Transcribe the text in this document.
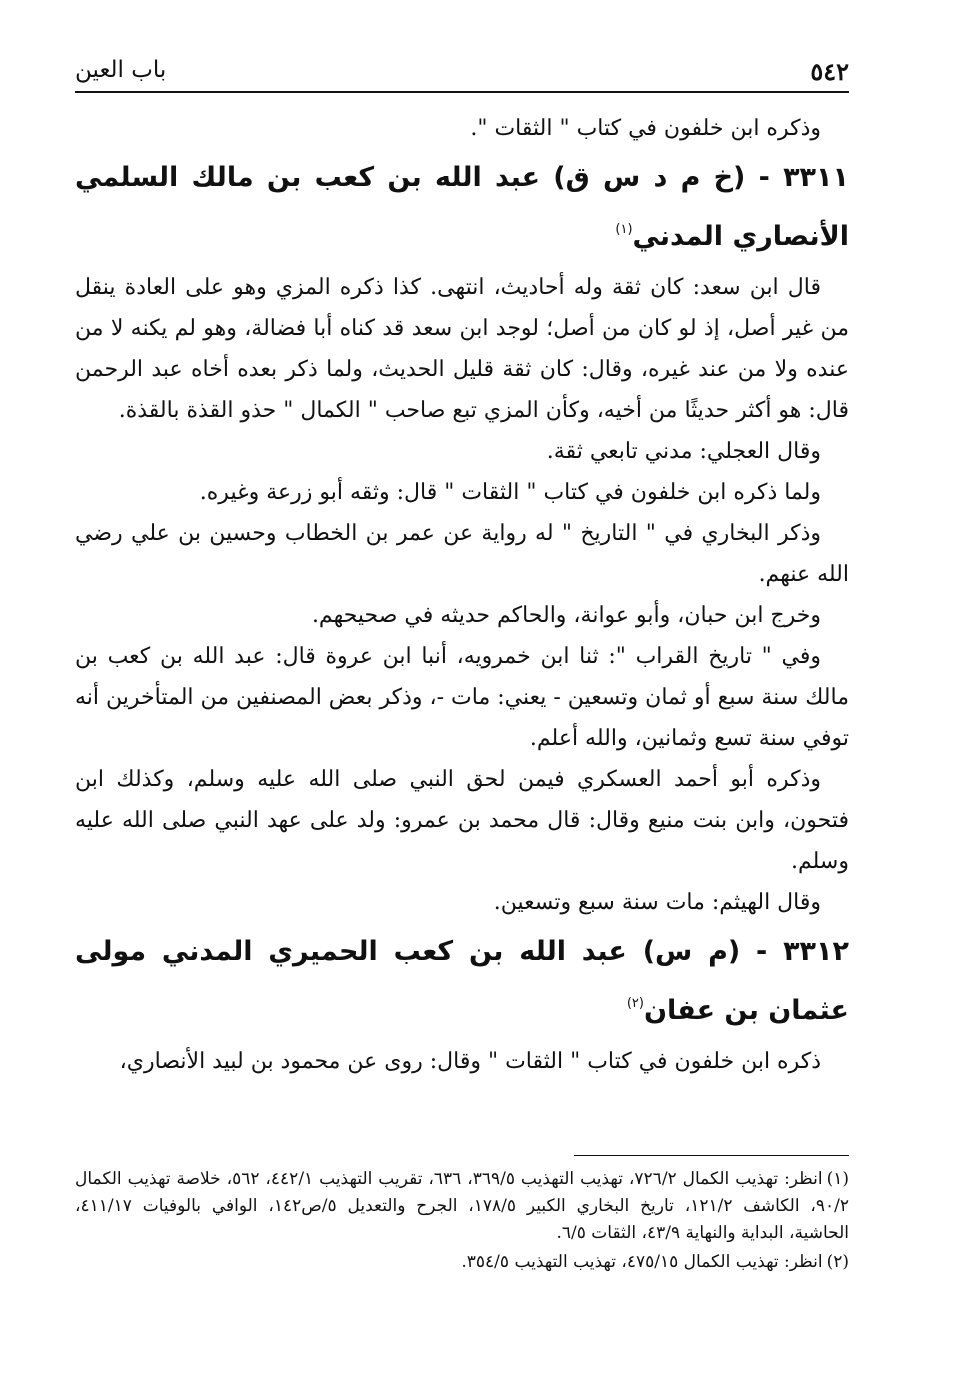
٥٤٢
باب العين

وذكره ابن خلفون في كتاب " الثقات ".

٣٣١١ - (خ م د س ق) عبد الله بن كعب بن مالك السلمي الأنصاري المدني$^{(١)}$

قال ابن سعد: كان ثقة وله أحاديث، انتهى. كذا ذكره المزي وهو على العادة ينقل من غير أصل، إذ لو كان من أصل؛ لوجد ابن سعد قد كناه أبا فضالة، وهو لم يكنه لا من عنده ولا من عند غيره، وقال: كان ثقة قليل الحديث، ولما ذكر بعده أخاه عبد الرحمن قال: هو أكثر حديثًا من أخيه، وكأن المزي تبع صاحب " الكمال " حذو القذة بالقذة.

وقال العجلي: مدني تابعي ثقة.

ولما ذكره ابن خلفون في كتاب " الثقات " قال: وثقه أبو زرعة وغيره.

وذكر البخاري في " التاريخ " له رواية عن عمر بن الخطاب وحسين بن علي رضي الله عنهم.

وخرج ابن حبان، وأبو عوانة، والحاكم حديثه في صحيحهم.

وفي " تاريخ القراب ": ثنا ابن خمرويه، أنبا ابن عروة قال: عبد الله بن كعب بن مالك سنة سبع أو ثمان وتسعين - يعني: مات -، وذكر بعض المصنفين من المتأخرين أنه توفي سنة تسع وثمانين، والله أعلم.

وذكره أبو أحمد العسكري فيمن لحق النبي صلى الله عليه وسلم، وكذلك ابن فتحون، وابن بنت منيع وقال: قال محمد بن عمرو: ولد على عهد النبي صلى الله عليه وسلم.

وقال الهيثم: مات سنة سبع وتسعين.

٣٣١٢ - (م س) عبد الله بن كعب الحميري المدني مولى عثمان بن عفان$^{(٢)}$

ذكره ابن خلفون في كتاب " الثقات " وقال: روى عن محمود بن لبيد الأنصاري،

(١)انظر: تهذيب الكمال ٧٢٦/٢، تهذيب التهذيب ٣٦٩/٥، ٦٣٦، تقريب التهذيب ٤٤٢/١، ٥٦٢، خلاصة تهذيب الكمال ٩٠/٢، الكاشف ١٢١/٢، تاريخ البخاري الكبير ١٧٨/٥، الجرح والتعديل ٥/ص١٤٢، الوافي بالوفيات ٤١١/١٧، الحاشية، البداية والنهاية ٤٣/٩، الثقات ٦/٥.

(٢)انظر: تهذيب الكمال ٤٧٥/١٥، تهذيب التهذيب ٣٥٤/٥.
